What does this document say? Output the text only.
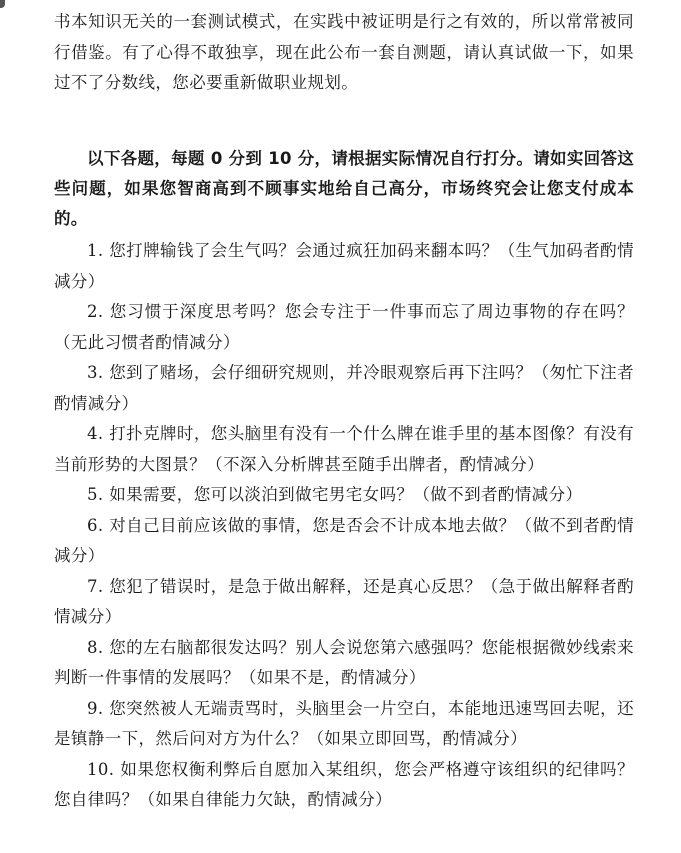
书本知识无关的一套测试模式，在实践中被证明是行之有效的，所以常常被同行借鉴。有了心得不敢独享，现在此公布一套自测题，请认真试做一下，如果过不了分数线，您必要重新做职业规划。

以下各题，每题 0 分到 10 分，请根据实际情况自行打分。请如实回答这些问题，如果您智商高到不顾事实地给自己高分，市场终究会让您支付成本的。

1. 您打牌输钱了会生气吗？会通过疯狂加码来翻本吗？（生气加码者酌情减分）

2. 您习惯于深度思考吗？您会专注于一件事而忘了周边事物的存在吗？（无此习惯者酌情减分）

3. 您到了赌场，会仔细研究规则，并冷眼观察后再下注吗？（匆忙下注者酌情减分）

4. 打扑克牌时，您头脑里有没有一个什么牌在谁手里的基本图像？有没有当前形势的大图景？（不深入分析牌甚至随手出牌者，酌情减分）

5. 如果需要，您可以淡泊到做宅男宅女吗？（做不到者酌情减分）

6. 对自己目前应该做的事情，您是否会不计成本地去做？（做不到者酌情减分）

7. 您犯了错误时，是急于做出解释，还是真心反思？（急于做出解释者酌情减分）

8. 您的左右脑都很发达吗？别人会说您第六感强吗？您能根据微妙线索来判断一件事情的发展吗？（如果不是，酌情减分）

9. 您突然被人无端责骂时，头脑里会一片空白，本能地迅速骂回去呢，还是镇静一下，然后问对方为什么？（如果立即回骂，酌情减分）

10. 如果您权衡利弊后自愿加入某组织，您会严格遵守该组织的纪律吗？您自律吗？（如果自律能力欠缺，酌情减分）
